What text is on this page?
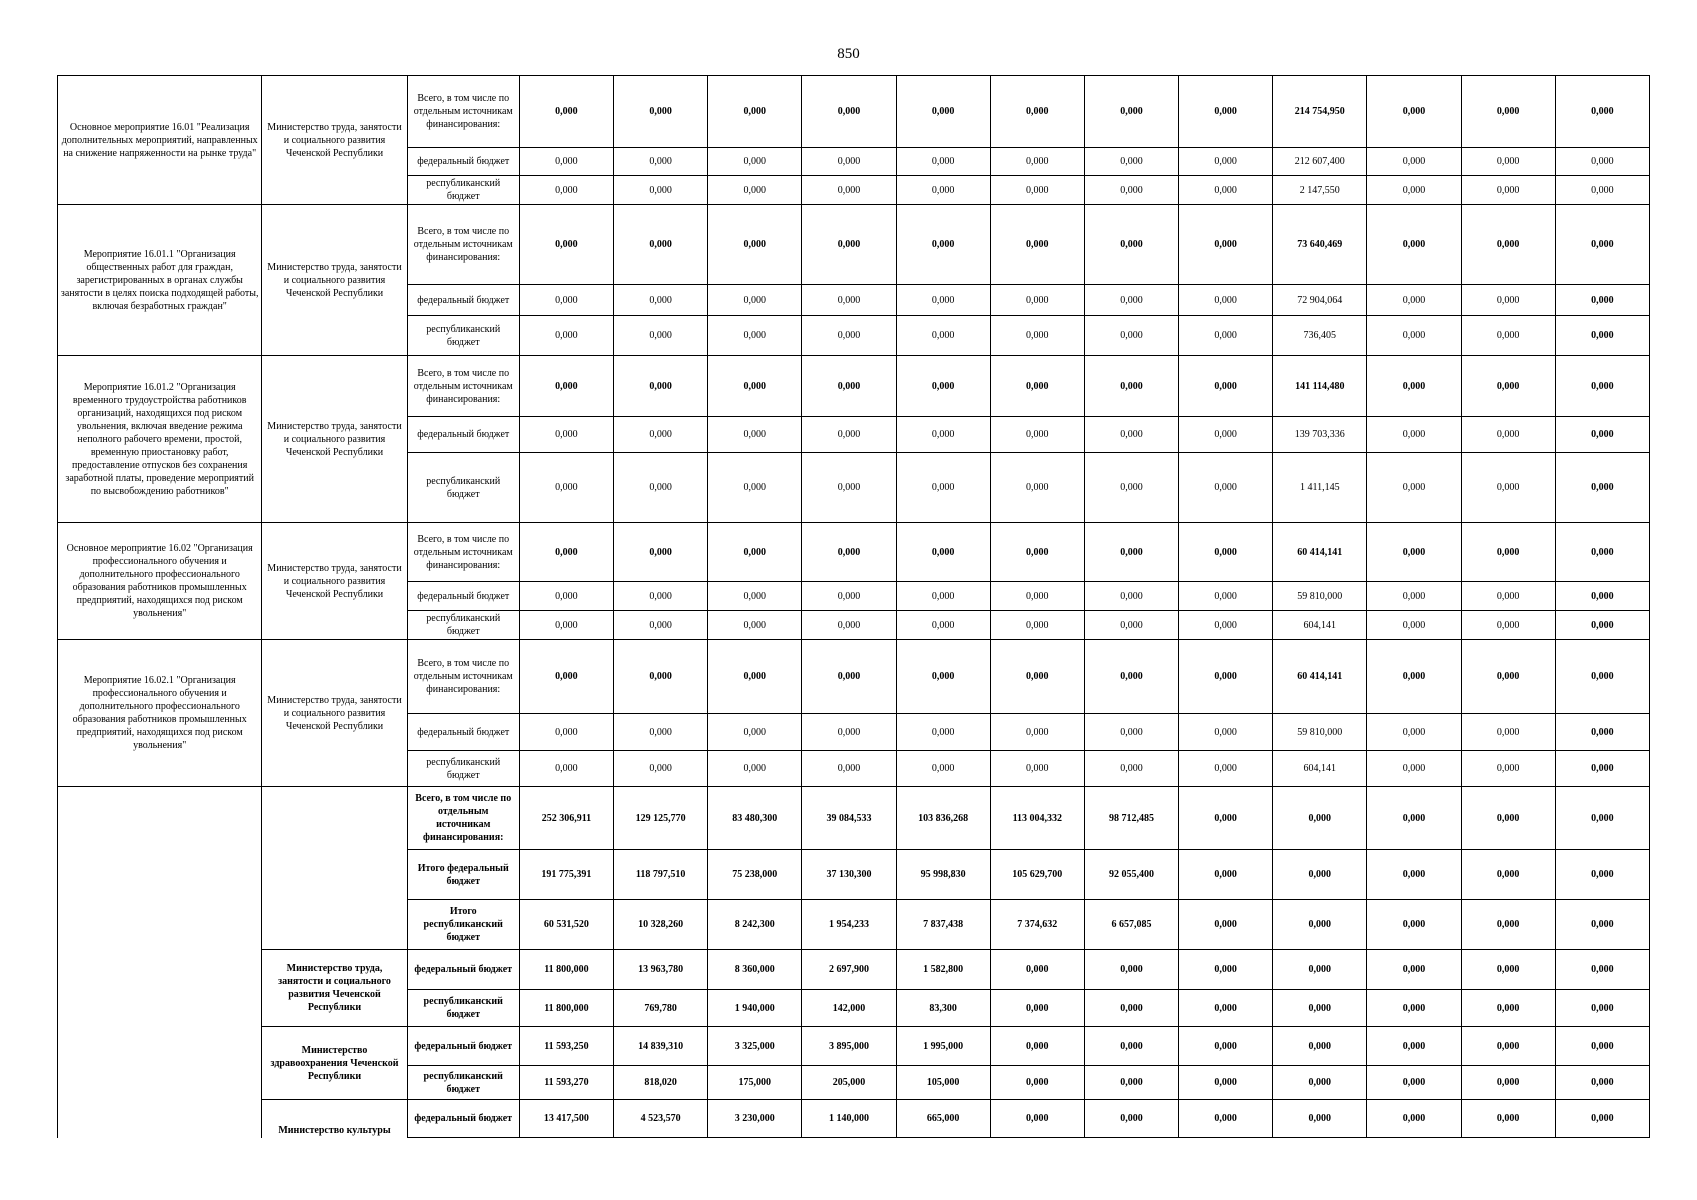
850
Основное мероприятие 16.01 "Реализация дополнительных мероприятий, направленных на снижение напряженности на рынке труда"	Министерство труда, занятости и социального развития Чеченской Республики	Всего, в том числе по отдельным источникам финансирования:	0,000	0,000	0,000	0,000	0,000	0,000	0,000	0,000	214 754,950	0,000	0,000	0,000
		федеральный бюджет	0,000	0,000	0,000	0,000	0,000	0,000	0,000	0,000	212 607,400	0,000	0,000	0,000
		республиканский бюджет	0,000	0,000	0,000	0,000	0,000	0,000	0,000	0,000	2 147,550	0,000	0,000	0,000
Мероприятие 16.01.1 "Организация общественных работ для граждан, зарегистрированных в органах службы занятости в целях поиска подходящей работы, включая безработных граждан"	Министерство труда, занятости и социального развития Чеченской Республики	Всего, в том числе по отдельным источникам финансирования:	0,000	0,000	0,000	0,000	0,000	0,000	0,000	0,000	73 640,469	0,000	0,000	0,000
		федеральный бюджет	0,000	0,000	0,000	0,000	0,000	0,000	0,000	0,000	72 904,064	0,000	0,000	0,000
		республиканский бюджет	0,000	0,000	0,000	0,000	0,000	0,000	0,000	0,000	736,405	0,000	0,000	0,000
Мероприятие 16.01.2 "Организация временного трудоустройства работников организаций, находящихся под риском увольнения, включая введение режима неполного рабочего времени, простой, временную приостановку работ, предоставление отпусков без сохранения заработной платы, проведение мероприятий по высвобождению работников"	Министерство труда, занятости и социального развития Чеченской Республики	Всего, в том числе по отдельным источникам финансирования:	0,000	0,000	0,000	0,000	0,000	0,000	0,000	0,000	141 114,480	0,000	0,000	0,000
		федеральный бюджет	0,000	0,000	0,000	0,000	0,000	0,000	0,000	0,000	139 703,336	0,000	0,000	0,000
		республиканский бюджет	0,000	0,000	0,000	0,000	0,000	0,000	0,000	0,000	1 411,145	0,000	0,000	0,000
Основное мероприятие 16.02 "Организация профессионального обучения и дополнительного профессионального образования работников промышленных предприятий, находящихся под риском увольнения"	Министерство труда, занятости и социального развития Чеченской Республики	Всего, в том числе по отдельным источникам финансирования:	0,000	0,000	0,000	0,000	0,000	0,000	0,000	0,000	60 414,141	0,000	0,000	0,000
		федеральный бюджет	0,000	0,000	0,000	0,000	0,000	0,000	0,000	0,000	59 810,000	0,000	0,000	0,000
		республиканский бюджет	0,000	0,000	0,000	0,000	0,000	0,000	0,000	0,000	604,141	0,000	0,000	0,000
Мероприятие 16.02.1 "Организация профессионального обучения и дополнительного профессионального образования работников промышленных предприятий, находящихся под риском увольнения"	Министерство труда, занятости и социального развития Чеченской Республики	Всего, в том числе по отдельным источникам финансирования:	0,000	0,000	0,000	0,000	0,000	0,000	0,000	0,000	60 414,141	0,000	0,000	0,000
		федеральный бюджет	0,000	0,000	0,000	0,000	0,000	0,000	0,000	0,000	59 810,000	0,000	0,000	0,000
		республиканский бюджет	0,000	0,000	0,000	0,000	0,000	0,000	0,000	0,000	604,141	0,000	0,000	0,000
		Всего, в том числе по отдельным источникам финансирования:	252 306,911	129 125,770	83 480,300	39 084,533	103 836,268	113 004,332	98 712,485	0,000	0,000	0,000	0,000	0,000
		Итого федеральный бюджет	191 775,391	118 797,510	75 238,000	37 130,300	95 998,830	105 629,700	92 055,400	0,000	0,000	0,000	0,000	0,000
		Итого республиканский бюджет	60 531,520	10 328,260	8 242,300	1 954,233	7 837,438	7 374,632	6 657,085	0,000	0,000	0,000	0,000	0,000
	Министерство труда, занятости и социального развития Чеченской Республики	федеральный бюджет	11 800,000	13 963,780	8 360,000	2 697,900	1 582,800	0,000	0,000	0,000	0,000	0,000	0,000	0,000
		республиканский бюджет	11 800,000	769,780	1 940,000	142,000	83,300	0,000	0,000	0,000	0,000	0,000	0,000	0,000
	Министерство здравоохранения Чеченской Республики	федеральный бюджет	11 593,250	14 839,310	3 325,000	3 895,000	1 995,000	0,000	0,000	0,000	0,000	0,000	0,000	0,000
		республиканский бюджет	11 593,270	818,020	175,000	205,000	105,000	0,000	0,000	0,000	0,000	0,000	0,000	0,000
	Министерство культуры	федеральный бюджет	13 417,500	4 523,570	3 230,000	1 140,000	665,000	0,000	0,000	0,000	0,000	0,000	0,000	0,000
